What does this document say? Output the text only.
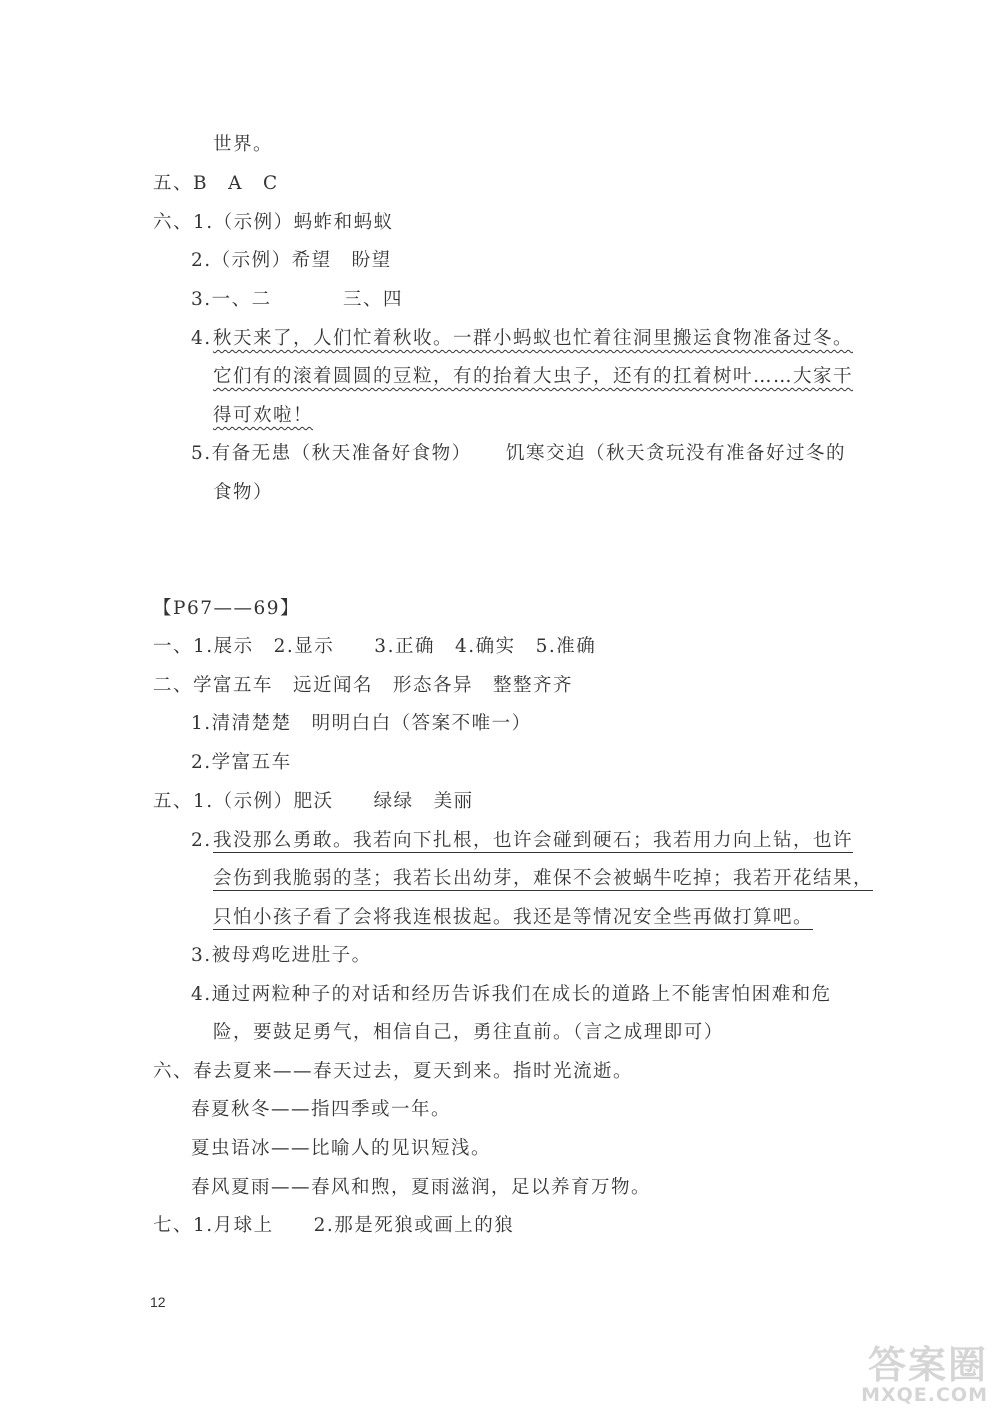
世界。
五、B　A　C
六、1.（示例）蚂蚱和蚂蚁
2.（示例）希望　盼望
3.一、二	三、四
4. 秋天来了，人们忙着秋收。一群小蚂蚁也忙着往洞里搬运食物准备过冬。
它们有的滚着圆圆的豆粒，有的抬着大虫子，还有的扛着树叶……大家干
得可欢啦！
5.有备无患（秋天准备好食物） 饥寒交迫（秋天贪玩没有准备好过冬的
食物）
【P67——69】
一、1.展示　2.显示　　3.正确　4.确实　5.准确
二、学富五车　远近闻名　形态各异　整整齐齐
1.清清楚楚　明明白白（答案不唯一）
2.学富五车
五、1.（示例）肥沃　　绿绿　美丽
2. 我没那么勇敢。我若向下扎根，也许会碰到硬石；我若用力向上钻，也许
会伤到我脆弱的茎；我若长出幼芽，难保不会被蜗牛吃掉；我若开花结果，
只怕小孩子看了会将我连根拔起。我还是等情况安全些再做打算吧。
3.被母鸡吃进肚子。
4.通过两粒种子的对话和经历告诉我们在成长的道路上不能害怕困难和危
险，要鼓足勇气，相信自己，勇往直前。（言之成理即可）
六、春去夏来——春天过去，夏天到来。指时光流逝。
春夏秋冬——指四季或一年。
夏虫语冰——比喻人的见识短浅。
春风夏雨——春风和煦，夏雨滋润，足以养育万物。
七、1.月球上　　2.那是死狼或画上的狼
12
答案圈
MXQE.COM
